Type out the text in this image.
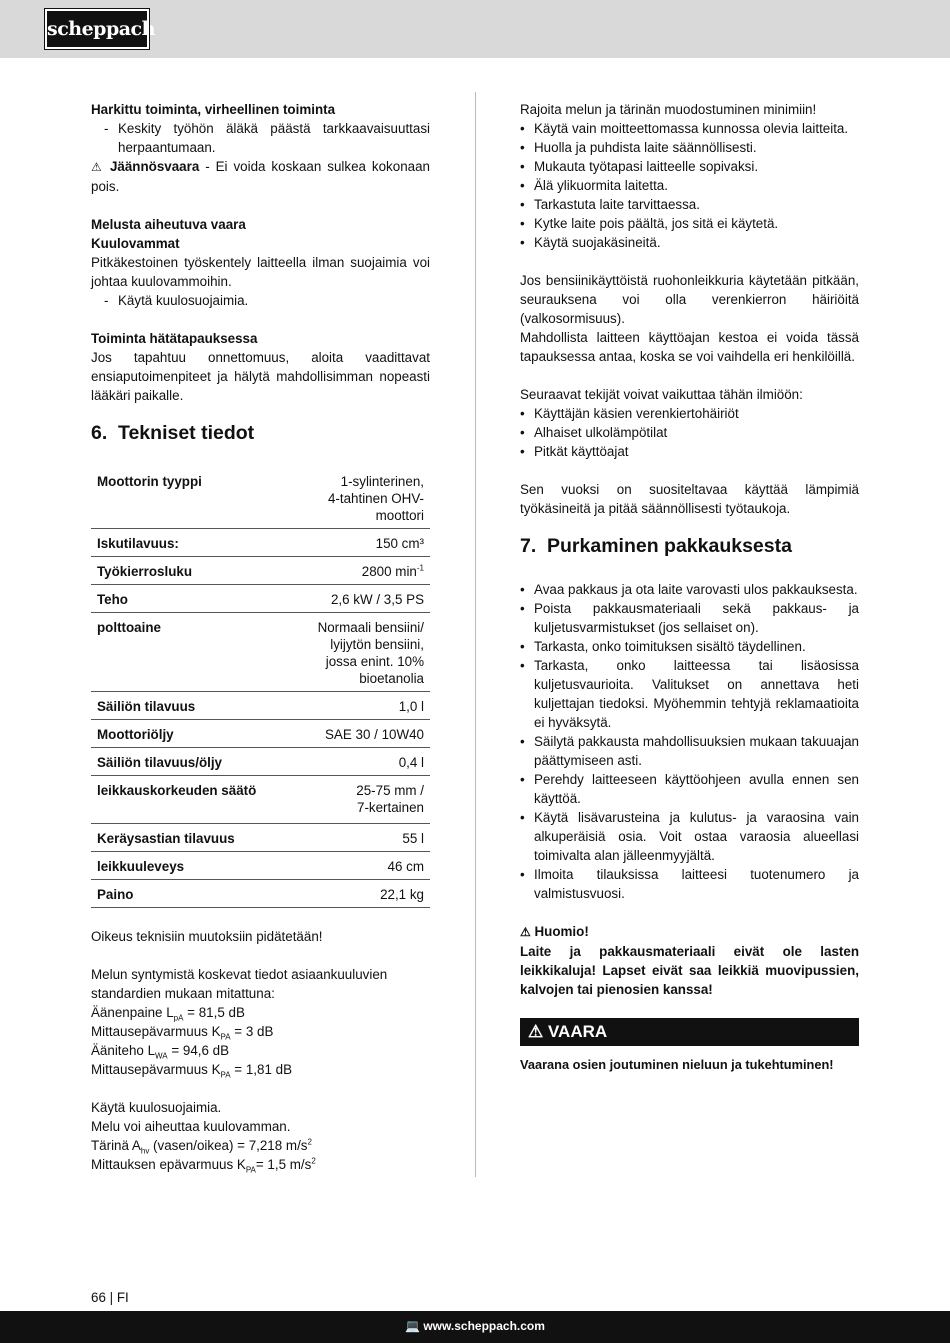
scheppach

Harkittu toiminta, virheellinen toiminta

- Keskity työhön äläkä päästä tarkkaavaisuuttasi herpaantumaan.

⚠ Jäännösvaara - Ei voida koskaan sulkea kokonaan pois.

Melusta aiheutuva vaara

Kuulovammat

Pitkäkestoinen työskentely laitteella ilman suojaimia voi johtaa kuulovammoihin.

- Käytä kuulosuojaimia.

Toiminta hätätapauksessa

Jos tapahtuu onnettomuus, aloita vaadittavat ensiaputoimenpiteet ja hälytä mahdollisimman nopeasti lääkäri paikalle.

6. Tekniset tiedot
Moottorin tyyppi	1-sylinterinen,
4-tahtinen OHV-
moottori
Iskutilavuus:	150 cm³
Työkierrosluku	2800 $\min^{-1}$
Teho	2,6 kW / 3,5 PS
polttoaine	Normaali bensiini/
lyijytön bensiini,
jossa enint. 10%
bioetanolia
Säiliön tilavuus	1,0 l
Moottoriöljy	SAE 30 / 10W40
Säiliön tilavuus/öljy	0,4 l
leikkauskorkeuden säätö	25-75 mm /
7-kertainen
Keräysastian tilavuus	55 l
leikkuuleveys	46 cm
Paino	22,1 kg

Oikeus teknisiin muutoksiin pidätetään!

Melun syntymistä koskevat tiedot asiaankuuluvien standardien mukaan mitattuna:

Äänenpaine $L_{pA} = 81,5$ dB

Mittausepävarmuus $K_{PA} = 3$ dB

Ääniteho $L_{WA} = 94,6$ dB

Mittausepävarmuus $K_{PA} = 1,81$ dB

Käytä kuulosuojaimia.

Melu voi aiheuttaa kuulovamman.

Tärinä $A_{hv}$ (vasen/oikea) = 7,218 $m/s^2$

Mittauksen epävarmuus $K_{PA}= 1,5$ $m/s^2$

Rajoita melun ja tärinän muodostuminen minimiin!

• Käytä vain moitteettomassa kunnossa olevia laitteita.

• Huolla ja puhdista laite säännöllisesti.

• Mukauta työtapasi laitteelle sopivaksi.

• Älä ylikuormita laitetta.

• Tarkastuta laite tarvittaessa.

• Kytke laite pois päältä, jos sitä ei käytetä.

• Käytä suojakäsineitä.

Jos bensiinikäyttöistä ruohonleikkuria käytetään pitkään, seurauksena voi olla verenkierron häiriöitä (valkosormisuus).

Mahdollista laitteen käyttöajan kestoa ei voida tässä tapauksessa antaa, koska se voi vaihdella eri henkilöillä.

Seuraavat tekijät voivat vaikuttaa tähän ilmiöön:

• Käyttäjän käsien verenkiertohäiriöt

• Alhaiset ulkolämpötilat

• Pitkät käyttöajat

Sen vuoksi on suositeltavaa käyttää lämpimiä työkäsineitä ja pitää säännöllisesti työtaukoja.

7. Purkaminen pakkauksesta

• Avaa pakkaus ja ota laite varovasti ulos pakkauksesta.

• Poista pakkausmateriaali sekä pakkaus- ja kuljetusvarmistukset (jos sellaiset on).

• Tarkasta, onko toimituksen sisältö täydellinen.

• Tarkasta, onko laitteessa tai lisäosissa kuljetusvaurioita. Valitukset on annettava heti kuljettajan tiedoksi. Myöhemmin tehtyjä reklamaatioita ei hyväksytä.

• Säilytä pakkausta mahdollisuuksien mukaan takuuajan päättymiseen asti.

• Perehdy laitteeseen käyttöohjeen avulla ennen sen käyttöä.

• Käytä lisävarusteina ja kulutus- ja varaosina vain alkuperäisiä osia. Voit ostaa varaosia alueellasi toimivalta alan jälleenmyyjältä.

• Ilmoita tilauksissa laitteesi tuotenumero ja valmistusvuosi.

⚠ Huomio!

Laite ja pakkausmateriaali eivät ole lasten leikkikaluja! Lapset eivät saa leikkiä muovipussien, kalvojen tai pienosien kanssa!

⚠ VAARA

Vaarana osien joutuminen nieluun ja tukehtuminen!

66 | FI
💻 www.scheppach.com
